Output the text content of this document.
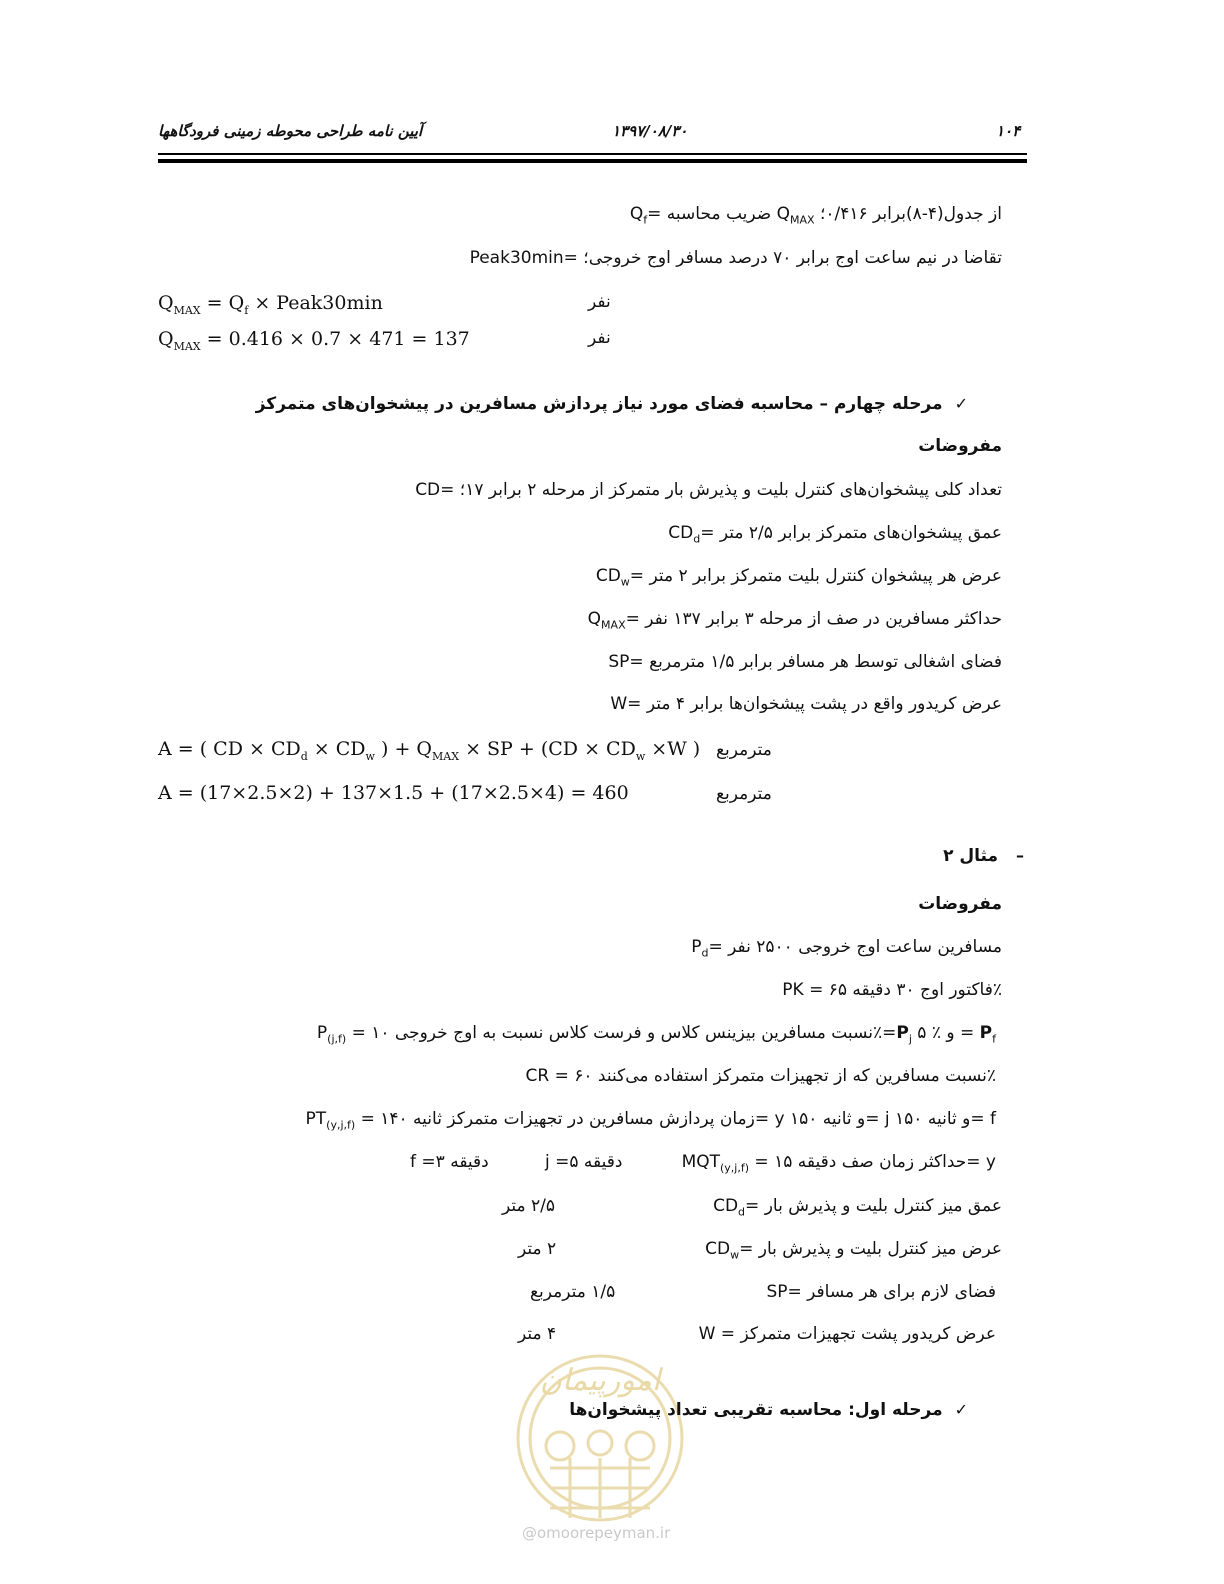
۱۰۴
۱۳۹۷/۰۸/۳۰
آیین نامه طراحی محوطه زمینی فرودگاهها
$Q_f=$ ضریب محاسبه $Q_{MAX}$ از جدول(۴-۸)برابر ۰/۴۱۶؛
Peak30min= تقاضا در نیم ساعت اوج برابر ۷۰ درصد مسافر اوج خروجی؛
$Q_{MAX} = Q_f$ × Peak30min	نفر
$Q_{MAX} = 0.416 \times 0.7 \times 471 = 137$	نفر
✓مرحله چهارم – محاسبه فضای مورد نیاز پردازش مسافرین در پیشخوان‌های متمرکز
مفروضات
CD= تعداد کلی پیشخوان‌های کنترل بلیت و پذیرش بار متمرکز از مرحله ۲ برابر ۱۷؛
$CD_d=$ عمق پیشخوان‌های متمرکز برابر ۲/۵ متر
$CD_w=$ عرض هر پیشخوان کنترل بلیت متمرکز برابر ۲ متر
$Q_{MAX}=$ حداکثر مسافرین در صف از مرحله ۳ برابر ۱۳۷ نفر
SP= فضای اشغالی توسط هر مسافر برابر ۱/۵ مترمربع
W= عرض کریدور واقع در پشت پیشخوان‌ها برابر ۴ متر
A = ( CD × $CD_d \times CD_w$ ) + $Q_{MAX}$ × SP + ($CD \times CD_w \times W$ ) مترمربع
A = (17×2.5×2) + 137×1.5 + (17×2.5×4) = 460	مترمربع
–مثال ۲
مفروضات
$P_d=$ مسافرین ساعت اوج خروجی ۲۵۰۰ نفر
PK = فاکتور اوج ۳۰ دقیقه ۶۵٪
$P_{(j,f)}$ = نسبت مسافرین بیزینس کلاس و فرست کلاس نسبت به اوج خروجی $۱۰٪=P_j$ و ٪ ۵ = $P_f$
CR = نسبت مسافرین که از تجهیزات متمرکز استفاده می‌کنند ۶۰٪
$PT_{(y,j,f)}$ = زمان پردازش مسافرین در تجهیزات متمرکز ثانیه ۱۴۰= y و ثانیه ۱۵۰= j و ثانیه ۱۵۰= f
$MQT_{(y,j,f)}$ = حداکثر زمان صف دقیقه ۱۵= y
دقیقه ۵= j
دقیقه ۳= f
$CD_d=$ عمق میز کنترل بلیت و پذیرش بار
۲/۵ متر
$CD_w=$ عرض میز کنترل بلیت و پذیرش بار
۲ متر
SP= فضای لازم برای هر مسافر
۱/۵ مترمربع
W = عرض کریدور پشت تجهیزات متمرکز
۴ متر
امورپیمان
@omoorepeyman.ir
✓مرحله اول: محاسبه تقریبی تعداد پیشخوان‌ها
